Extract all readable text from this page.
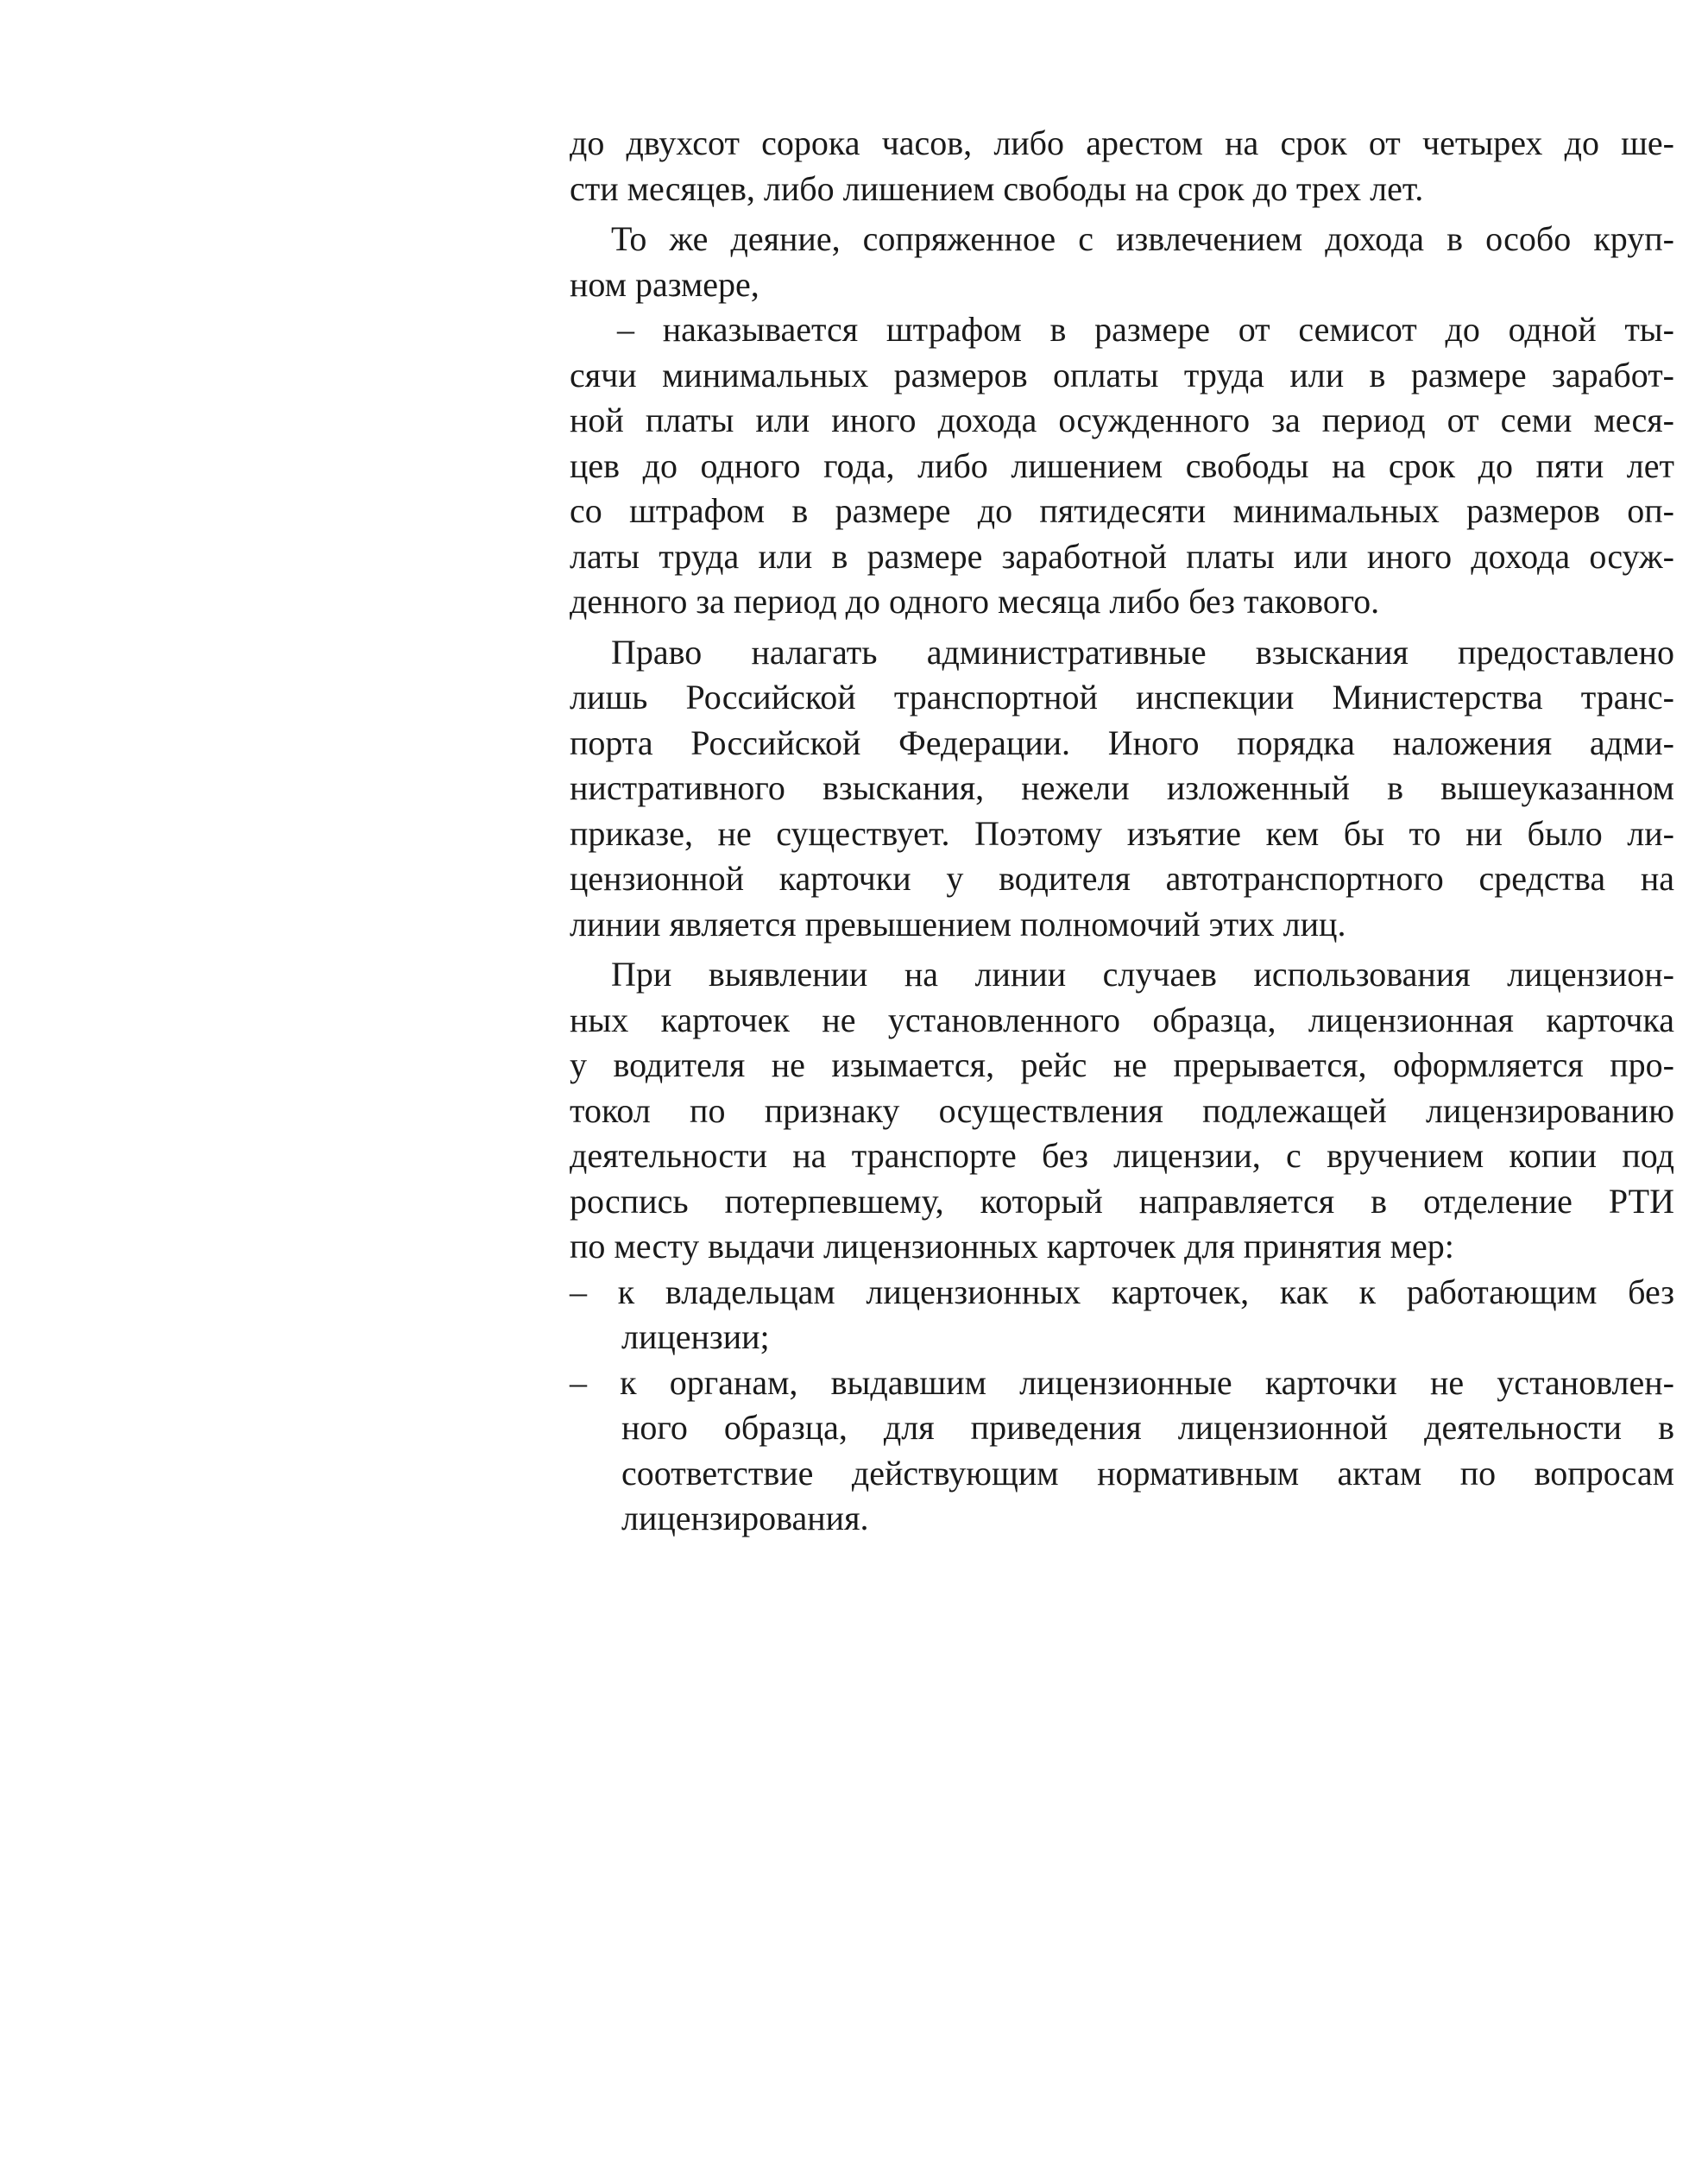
до двухсот сорока часов, либо арестом на срок от четырех до ше-
сти месяцев, либо лишением свободы на срок до трех лет.
То же деяние, сопряженное с извлечением дохода в особо круп-
ном размере,
– наказывается штрафом в размере от семисот до одной ты-
сячи минимальных размеров оплаты труда или в размере заработ-
ной платы или иного дохода осужденного за период от семи меся-
цев до одного года, либо лишением свободы на срок до пяти лет
со штрафом в размере до пятидесяти минимальных размеров оп-
латы труда или в размере заработной платы или иного дохода осуж-
денного за период до одного месяца либо без такового.
Право налагать административные взыскания предоставлено
лишь Российской транспортной инспекции Министерства транс-
порта Российской Федерации. Иного порядка наложения адми-
нистративного взыскания, нежели изложенный в вышеуказанном
приказе, не существует. Поэтому изъятие кем бы то ни было ли-
цензионной карточки у водителя автотранспортного средства на
линии является превышением полномочий этих лиц.
При выявлении на линии случаев использования лицензион-
ных карточек не установленного образца, лицензионная карточка
у водителя не изымается, рейс не прерывается, оформляется про-
токол по признаку осуществления подлежащей лицензированию
деятельности на транспорте без лицензии, с вручением копии под
роспись потерпевшему, который направляется в отделение РТИ
по месту выдачи лицензионных карточек для принятия мер:
– к владельцам лицензионных карточек, как к работающим без
лицензии;
– к органам, выдавшим лицензионные карточки не установлен-
ного образца, для приведения лицензионной деятельности в
соответствие действующим нормативным актам по вопросам
лицензирования.
